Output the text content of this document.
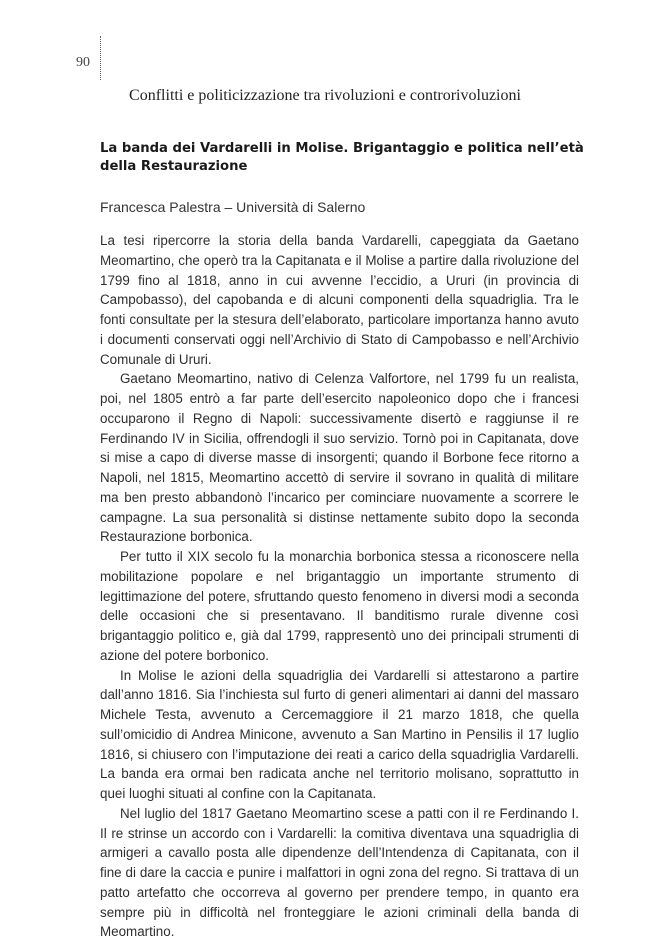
90
Conflitti e politicizzazione tra rivoluzioni e controrivoluzioni
La banda dei Vardarelli in Molise. Brigantaggio e politica nell’età della Restaurazione

Francesca Palestra – Università di Salerno

La tesi ripercorre la storia della banda Vardarelli, capeggiata da Gaetano Meomartino, che operò tra la Capitanata e il Molise a partire dalla rivoluzione del 1799 fino al 1818, anno in cui avvenne l’eccidio, a Ururi (in provincia di Campobasso), del capobanda e di alcuni componenti della squadriglia. Tra le fonti consultate per la stesura dell’elaborato, particolare importanza hanno avuto i documenti conservati oggi nell’Archivio di Stato di Campobasso e nell’Archivio Comunale di Ururi.

Gaetano Meomartino, nativo di Celenza Valfortore, nel 1799 fu un realista, poi, nel 1805 entrò a far parte dell’esercito napoleonico dopo che i francesi occuparono il Regno di Napoli: successivamente disertò e raggiunse il re Ferdinando IV in Sicilia, offrendogli il suo servizio. Tornò poi in Capitanata, dove si mise a capo di diverse masse di insorgenti; quando il Borbone fece ritorno a Napoli, nel 1815, Meomartino accettò di servire il sovrano in qualità di militare ma ben presto abbandonò l’incarico per cominciare nuovamente a scorrere le campagne. La sua personalità si distinse nettamente subito dopo la seconda Restaurazione borbonica.

Per tutto il XIX secolo fu la monarchia borbonica stessa a riconoscere nella mobilitazione popolare e nel brigantaggio un importante strumento di legittimazione del potere, sfruttando questo fenomeno in diversi modi a seconda delle occasioni che si presentavano. Il banditismo rurale divenne così brigantaggio politico e, già dal 1799, rappresentò uno dei principali strumenti di azione del potere borbonico.

In Molise le azioni della squadriglia dei Vardarelli si attestarono a partire dall’anno 1816. Sia l’inchiesta sul furto di generi alimentari ai danni del massaro Michele Testa, avvenuto a Cercemaggiore il 21 marzo 1818, che quella sull’omicidio di Andrea Minicone, avvenuto a San Martino in Pensilis il 17 luglio 1816, si chiusero con l’imputazione dei reati a carico della squadriglia Vardarelli. La banda era ormai ben radicata anche nel territorio molisano, soprattutto in quei luoghi situati al confine con la Capitanata.

Nel luglio del 1817 Gaetano Meomartino scese a patti con il re Ferdinando I. Il re strinse un accordo con i Vardarelli: la comitiva diventava una squadriglia di armigeri a cavallo posta alle dipendenze dell’Intendenza di Capitanata, con il fine di dare la caccia e punire i malfattori in ogni zona del regno. Si trattava di un patto artefatto che occorreva al governo per prendere tempo, in quanto era sempre più in difficoltà nel fronteggiare le azioni criminali della banda di Meomartino.
